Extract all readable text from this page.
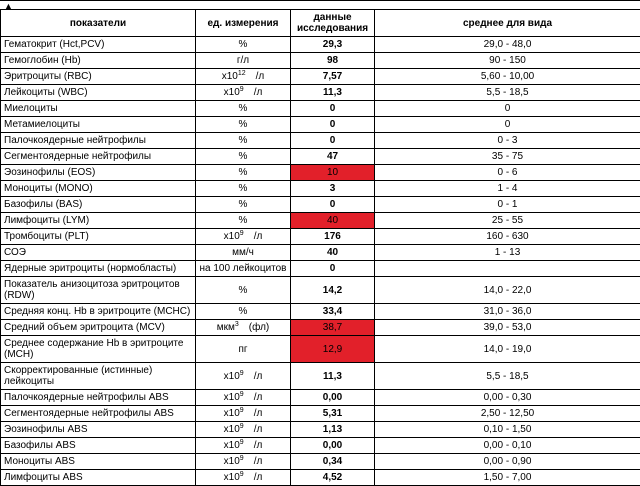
▲
показатели	ед. измерения	данные исследования	среднее для вида
Гематокрит (Hct,PCV)	%	29,3	29,0 - 48,0
Гемоглобин (Hb)	г/л	98	90 - 150
Эритроциты (RBC)	$x10^{12}$ /л	7,57	5,60 - 10,00
Лейкоциты (WBC)	$x10^9$ /л	11,3	5,5 - 18,5
Миелоциты	%	0	0
Метамиелоциты	%	0	0
Палочкоядерные нейтрофилы	%	0	0 - 3
Сегментоядерные нейтрофилы	%	47	35 - 75
Эозинофилы (EOS)	%	10	0 - 6
Моноциты (MONO)	%	3	1 - 4
Базофилы (BAS)	%	0	0 - 1
Лимфоциты (LYM)	%	40	25 - 55
Тромбоциты (PLT)	$x10^9$ /л	176	160 - 630
СОЭ	мм/ч	40	1 - 13
Ядерные эритроциты (нормобласты)	на 100 лейкоцитов	0	
Показатель анизоцитоза эритроцитов (RDW)	%	14,2	14,0 - 22,0
Средняя конц. Hb в эритроците (MCHC)	%	33,4	31,0 - 36,0
Средний объем эритроцита (MCV)	мкм$^3$ (фл)	38,7	39,0 - 53,0
Среднее содержание Hb в эритроците (MCH)	пг	12,9	14,0 - 19,0
Скорректированные (истинные) лейкоциты	$x10^9$ /л	11,3	5,5 - 18,5
Палочкоядерные нейтрофилы ABS	$x10^9$ /л	0,00	0,00 - 0,30
Сегментоядерные нейтрофилы ABS	$x10^9$ /л	5,31	2,50 - 12,50
Эозинофилы ABS	$x10^9$ /л	1,13	0,10 - 1,50
Базофилы ABS	$x10^9$ /л	0,00	0,00 - 0,10
Моноциты ABS	$x10^9$ /л	0,34	0,00 - 0,90
Лимфоциты ABS	$x10^9$ /л	4,52	1,50 - 7,00
